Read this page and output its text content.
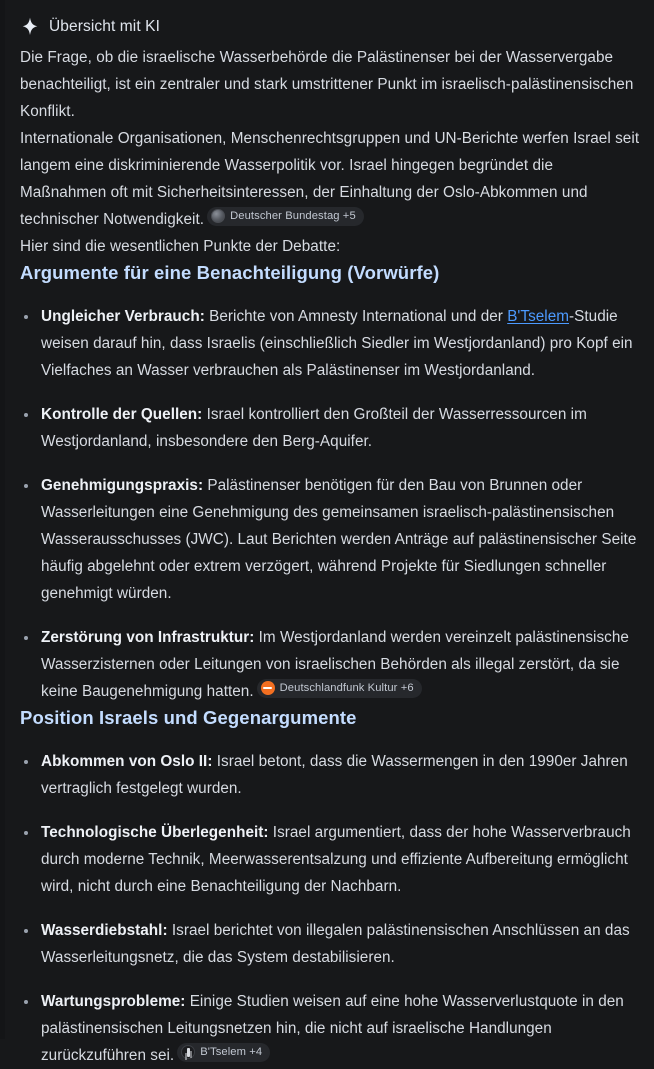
Übersicht mit KI

Die Frage, ob die israelische Wasserbehörde die Palästinenser bei der Wasservergabe benachteiligt, ist ein zentraler und stark umstrittener Punkt im israelisch-palästinensischen Konflikt.

Internationale Organisationen, Menschenrechtsgruppen und UN-Berichte werfen Israel seit langem eine diskriminierende Wasserpolitik vor. Israel hingegen begründet die Maßnahmen oft mit Sicherheitsinteressen, der Einhaltung der Oslo-Abkommen und technischer Notwendigkeit. Deutscher Bundestag +5

Hier sind die wesentlichen Punkte der Debatte:

Argumente für eine Benachteiligung (Vorwürfe)
Ungleicher Verbrauch: Berichte von Amnesty International und der B'Tselem-Studie weisen darauf hin, dass Israelis (einschließlich Siedler im Westjordanland) pro Kopf ein Vielfaches an Wasser verbrauchen als Palästinenser im Westjordanland.
Kontrolle der Quellen: Israel kontrolliert den Großteil der Wasserressourcen im Westjordanland, insbesondere den Berg-Aquifer.
Genehmigungspraxis: Palästinenser benötigen für den Bau von Brunnen oder Wasserleitungen eine Genehmigung des gemeinsamen israelisch-palästinensischen Wasserausschusses (JWC). Laut Berichten werden Anträge auf palästinensischer Seite häufig abgelehnt oder extrem verzögert, während Projekte für Siedlungen schneller genehmigt würden.
Zerstörung von Infrastruktur: Im Westjordanland werden vereinzelt palästinensische Wasserzisternen oder Leitungen von israelischen Behörden als illegal zerstört, da sie keine Baugenehmigung hatten. Deutschlandfunk Kultur +6
Position Israels und Gegenargumente
Abkommen von Oslo II: Israel betont, dass die Wassermengen in den 1990er Jahren vertraglich festgelegt wurden.
Technologische Überlegenheit: Israel argumentiert, dass der hohe Wasserverbrauch durch moderne Technik, Meerwasserentsalzung und effiziente Aufbereitung ermöglicht wird, nicht durch eine Benachteiligung der Nachbarn.
Wasserdiebstahl: Israel berichtet von illegalen palästinensischen Anschlüssen an das Wasserleitungsnetz, die das System destabilisieren.
Wartungsprobleme: Einige Studien weisen auf eine hohe Wasserverlustquote in den palästinensischen Leitungsnetzen hin, die nicht auf israelische Handlungen zurückzuführen sei. B'Tselem +4
